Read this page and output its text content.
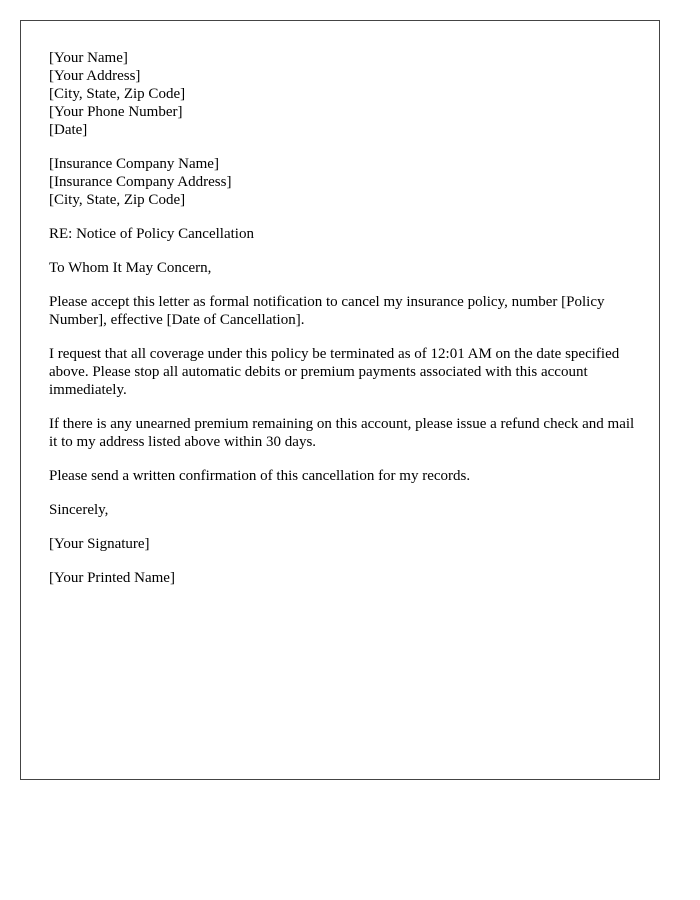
[Your Name]
[Your Address]
[City, State, Zip Code]
[Your Phone Number]
[Date]
[Insurance Company Name]
[Insurance Company Address]
[City, State, Zip Code]

RE: Notice of Policy Cancellation

To Whom It May Concern,

Please accept this letter as formal notification to cancel my insurance policy, number [Policy Number], effective [Date of Cancellation].

I request that all coverage under this policy be terminated as of 12:01 AM on the date specified above. Please stop all automatic debits or premium payments associated with this account immediately.

If there is any unearned premium remaining on this account, please issue a refund check and mail it to my address listed above within 30 days.

Please send a written confirmation of this cancellation for my records.

Sincerely,

[Your Signature]

[Your Printed Name]
